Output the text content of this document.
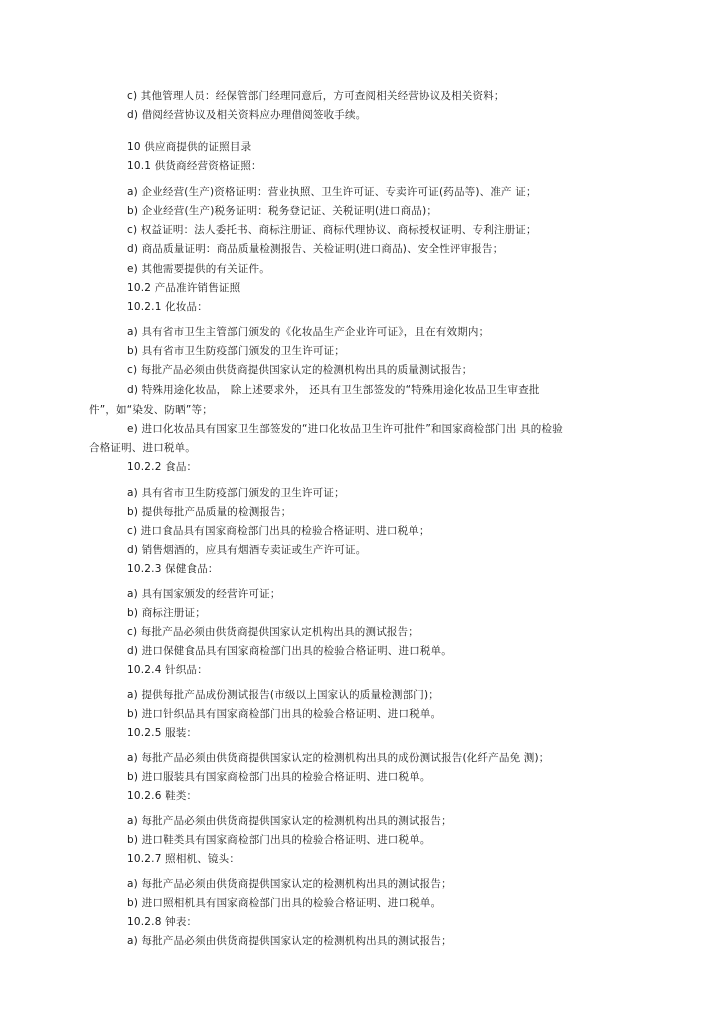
c) 其他管理人员：经保管部门经理同意后，方可查阅相关经营协议及相关资料；
d) 借阅经营协议及相关资料应办理借阅签收手续。
10 供应商提供的证照目录
10.1 供货商经营资格证照：
a) 企业经营(生产)资格证明：营业执照、卫生许可证、专卖许可证(药品等)、准产 证；
b) 企业经营(生产)税务证明：税务登记证、关税证明(进口商品)；
c) 权益证明：法人委托书、商标注册证、商标代理协议、商标授权证明、专利注册证；
d) 商品质量证明：商品质量检测报告、关检证明(进口商品)、安全性评审报告；
e) 其他需要提供的有关证件。
10.2 产品准许销售证照
10.2.1 化妆品：
a) 具有省市卫生主管部门颁发的《化妆品生产企业许可证》，且在有效期内；
b) 具有省市卫生防疫部门颁发的卫生许可证；
c) 每批产品必须由供货商提供国家认定的检测机构出具的质量测试报告；
d) 特殊用途化妆品， 除上述要求外， 还具有卫生部签发的“特殊用途化妆品卫生审查批
件”，如“染发、防晒”等；
e) 进口化妆品具有国家卫生部签发的“进口化妆品卫生许可批件”和国家商检部门出 具的检验
合格证明、进口税单。
10.2.2 食品：
a) 具有省市卫生防疫部门颁发的卫生许可证；
b) 提供每批产品质量的检测报告；
c) 进口食品具有国家商检部门出具的检验合格证明、进口税单；
d) 销售烟酒的，应具有烟酒专卖证或生产许可证。
10.2.3 保健食品：
a) 具有国家颁发的经营许可证；
b) 商标注册证；
c) 每批产品必须由供货商提供国家认定机构出具的测试报告；
d) 进口保健食品具有国家商检部门出具的检验合格证明、进口税单。
10.2.4 针织品：
a) 提供每批产品成份测试报告(市级以上国家认的质量检测部门)；
b) 进口针织品具有国家商检部门出具的检验合格证明、进口税单。
10.2.5 服装：
a) 每批产品必须由供货商提供国家认定的检测机构出具的成份测试报告(化纤产品免 测)；
b) 进口服装具有国家商检部门出具的检验合格证明、进口税单。
10.2.6 鞋类：
a) 每批产品必须由供货商提供国家认定的检测机构出具的测试报告；
b) 进口鞋类具有国家商检部门出具的检验合格证明、进口税单。
10.2.7 照相机、镜头：
a) 每批产品必须由供货商提供国家认定的检测机构出具的测试报告；
b) 进口照相机具有国家商检部门出具的检验合格证明、进口税单。
10.2.8 钟表：
a) 每批产品必须由供货商提供国家认定的检测机构出具的测试报告；
